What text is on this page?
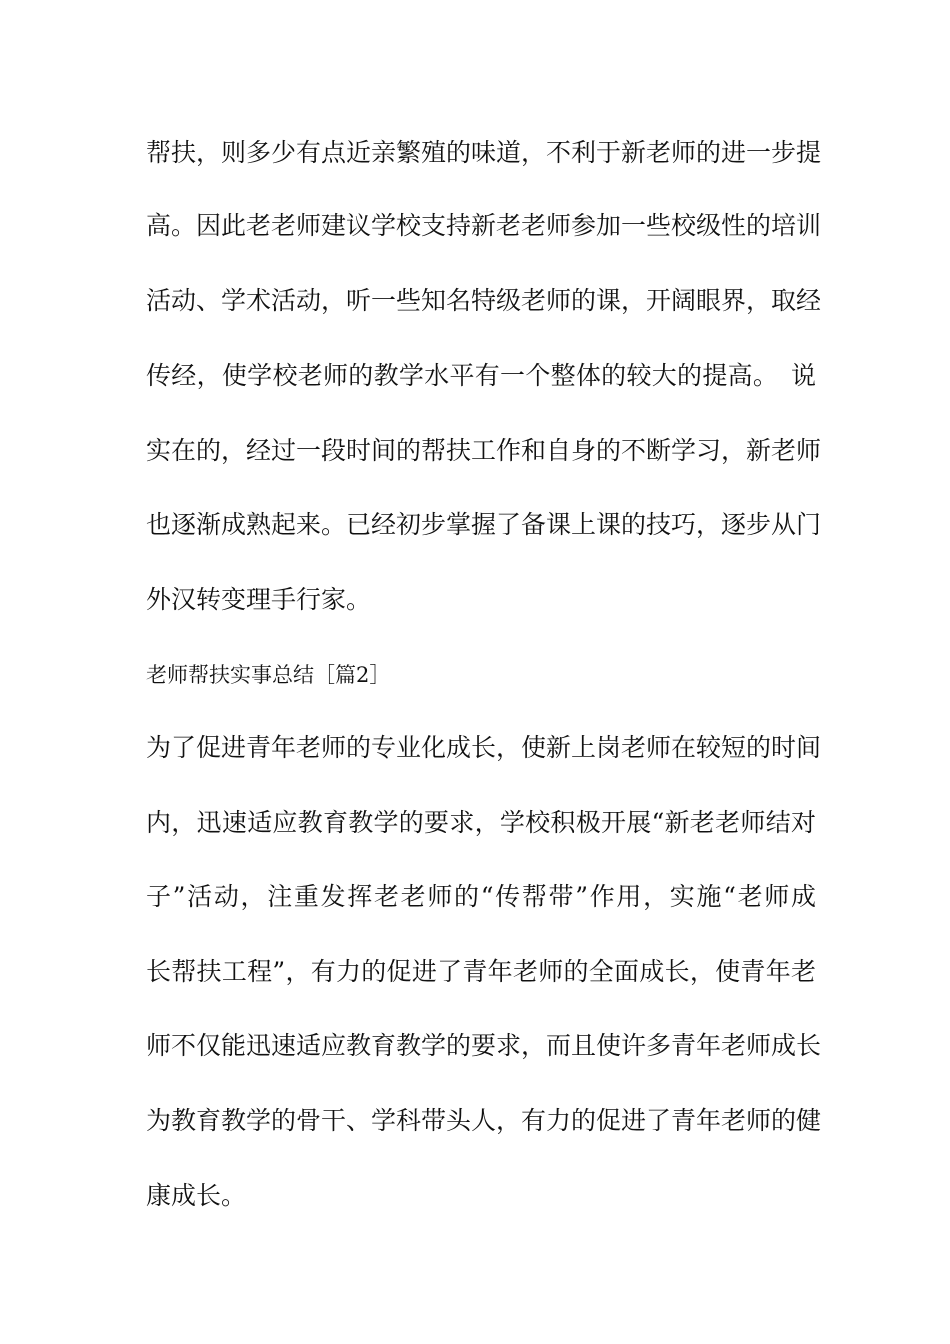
帮扶，则多少有点近亲繁殖的味道，不利于新老师的进一步提
高。因此老老师建议学校支持新老老师参加一些校级性的培训
活动、学术活动，听一些知名特级老师的课，开阔眼界，取经
传经，使学校老师的教学水平有一个整体的较大的提高。　说
实在的，经过一段时间的帮扶工作和自身的不断学习，新老师
也逐渐成熟起来。已经初步掌握了备课上课的技巧，逐步从门
外汉转变理手行家。
老师帮扶实事总结［篇2］
为了促进青年老师的专业化成长，使新上岗老师在较短的时间
内，迅速适应教育教学的要求，学校积极开展“新老老师结对
子”活动，注重发挥老老师的“传帮带”作用，实施“老师成
长帮扶工程”，有力的促进了青年老师的全面成长，使青年老
师不仅能迅速适应教育教学的要求，而且使许多青年老师成长
为教育教学的骨干、学科带头人，有力的促进了青年老师的健
康成长。
